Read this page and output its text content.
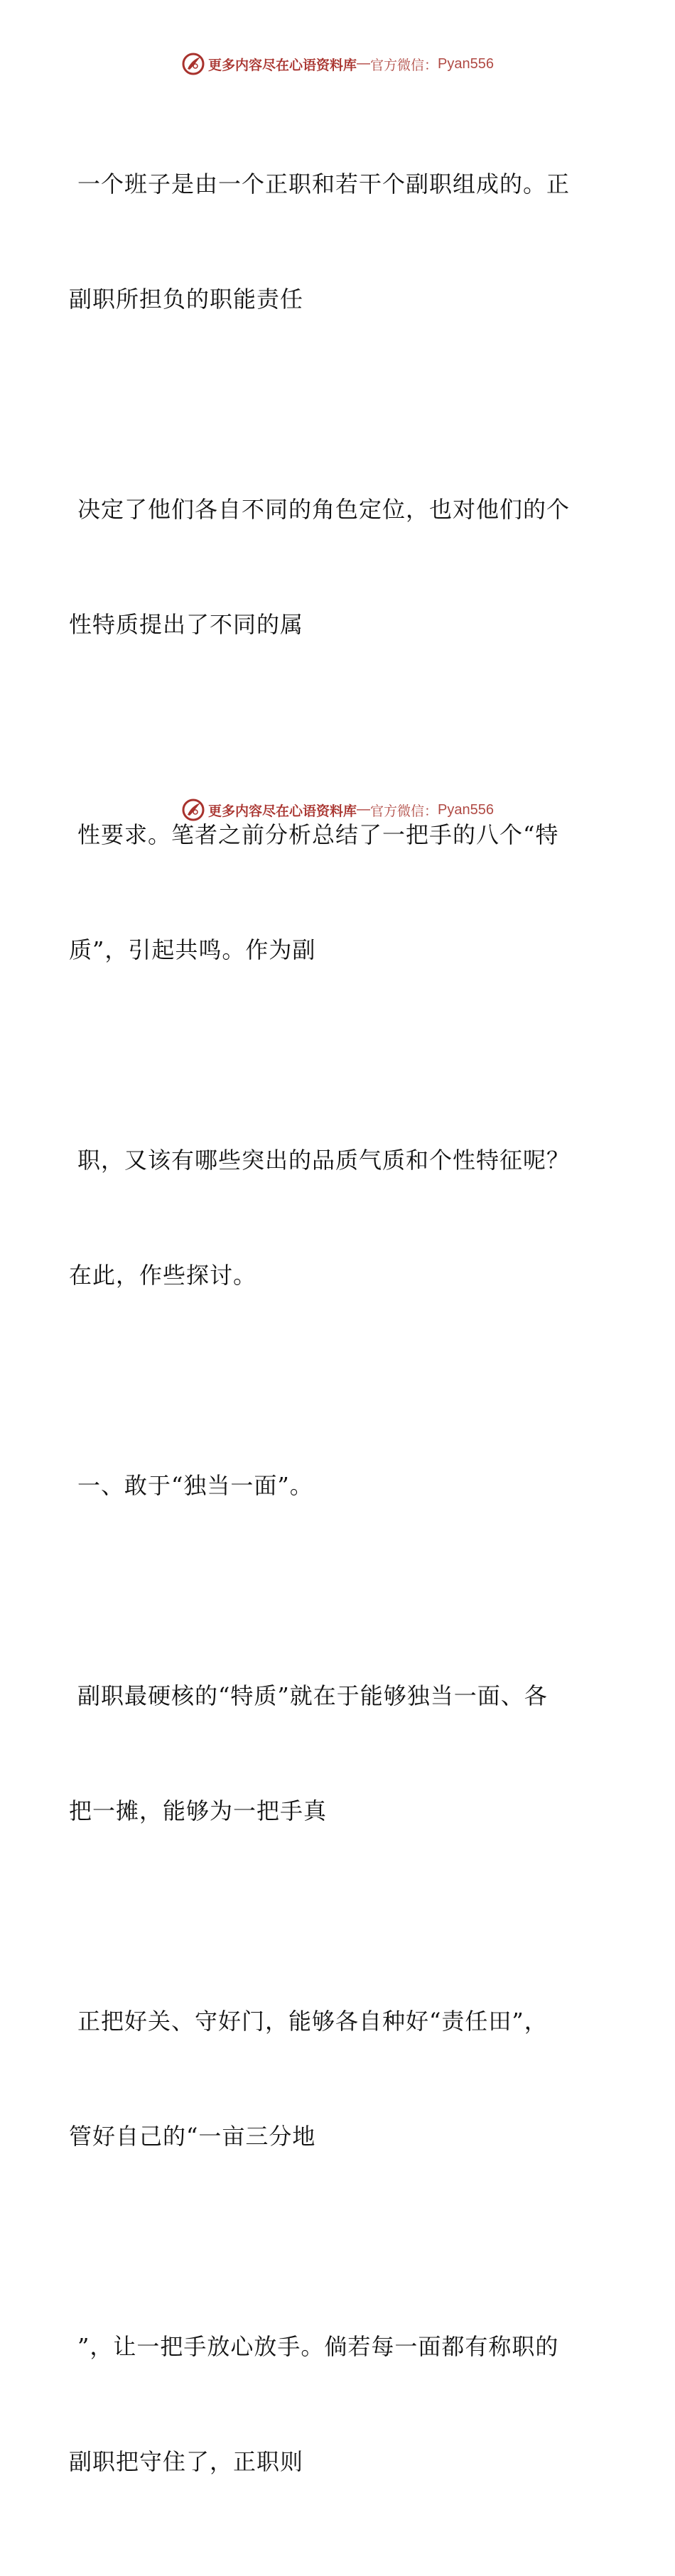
更多内容尽在心语资料库 — 官方微信： Pyan556

一个班子是由一个正职和若干个副职组成的。正

副职所担负的职能责任

决定了他们各自不同的角色定位，也对他们的个

性特质提出了不同的属

性要求。笔者之前分析总结了一把手的八个“特

质”，引起共鸣。作为副

职，又该有哪些突出的品质气质和个性特征呢？

在此，作些探讨。

一、敢于“独当一面”。

副职最硬核的“特质”就在于能够独当一面、各

把一摊，能够为一把手真

正把好关、守好门，能够各自种好“责任田”，

管好自己的“一亩三分地

”，让一把手放心放手。倘若每一面都有称职的

副职把守住了，正职则

更多内容尽在心语资料库 — 官方微信： Pyan556
